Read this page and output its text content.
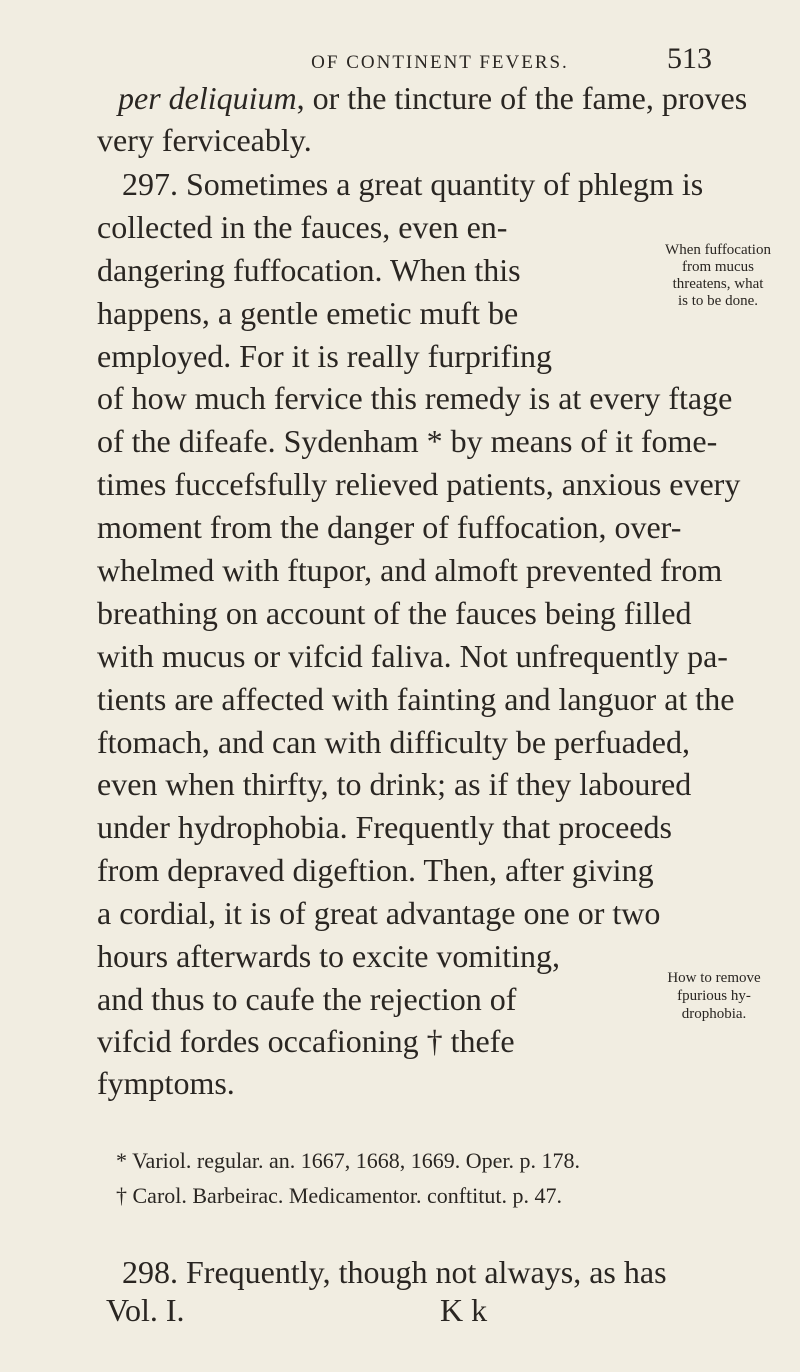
OF CONTINENT FEVERS.	513
per deliquium, or the tincture of the fame, proves
very ferviceably.
297. Sometimes a great quantity of phlegm is
collected in the fauces, even en-
dangering fuffocation. When this
happens, a gentle emetic muft be
employed. For it is really furprifing
of how much fervice this remedy is at every ftage
of the difeafe. Sydenham * by means of it fome-
times fuccefsfully relieved patients, anxious every
moment from the danger of fuffocation, over-
whelmed with ftupor, and almoft prevented from
breathing on account of the fauces being filled
with mucus or vifcid faliva. Not unfrequently pa-
tients are affected with fainting and languor at the
ftomach, and can with difficulty be perfuaded,
even when thirfty, to drink; as if they laboured
under hydrophobia. Frequently that proceeds
from depraved digeftion. Then, after giving
a cordial, it is of great advantage one or two
hours afterwards to excite vomiting,
and thus to caufe the rejection of
vifcid fordes occafioning † thefe
fymptoms.
When fuffocation
from mucus
threatens, what
is to be done.
How to remove
fpurious hy-
drophobia.
* Variol. regular. an. 1667, 1668, 1669. Oper. p. 178.
† Carol. Barbeirac. Medicamentor. conftitut. p. 47.
298. Frequently, though not always, as has
Vol. I.	K k
